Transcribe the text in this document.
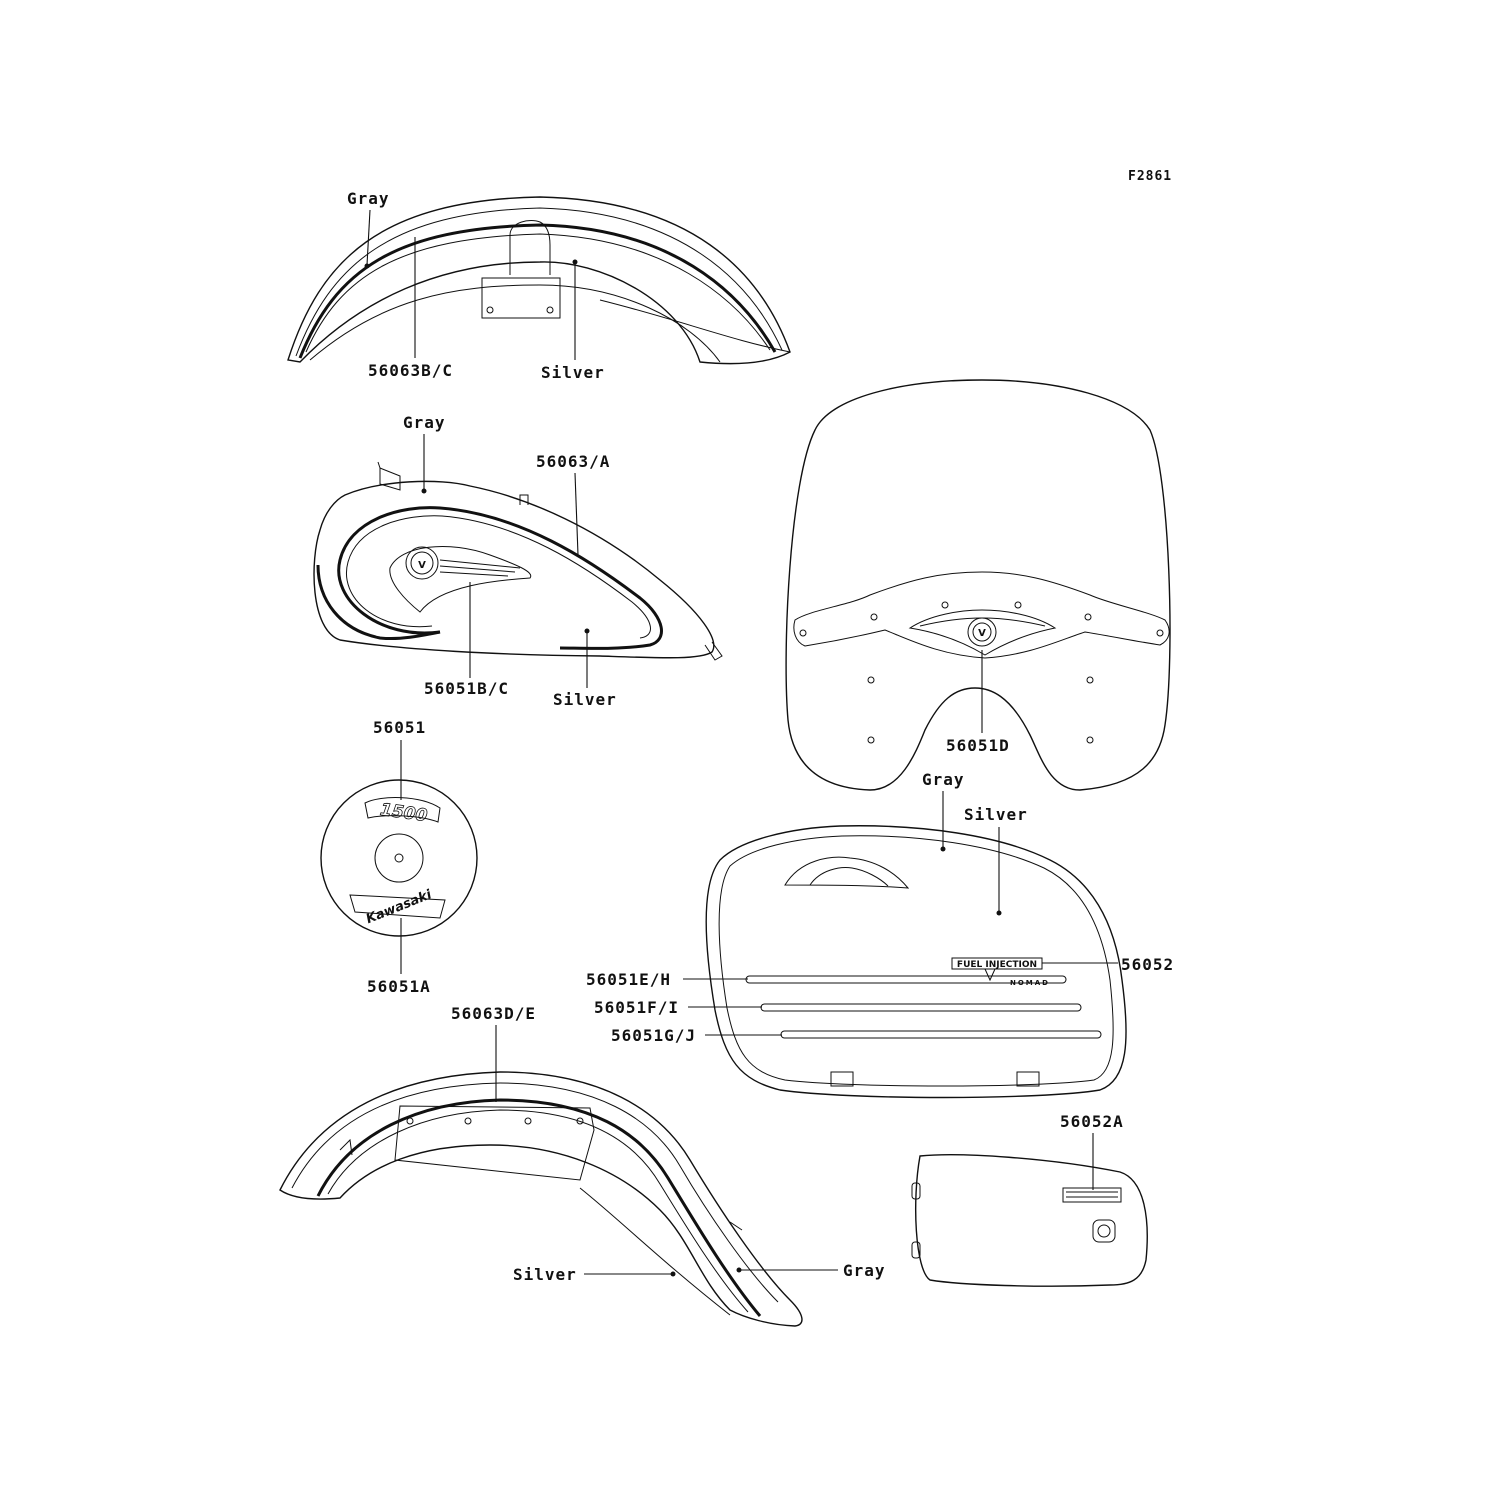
F2861
Gray
56063B/C	Silver
V
Gray
56063/A
56051B/C
Silver
V
56051D
1500
Kawasaki
56051
56051A
FUEL INJECTION
NOMAD
Gray
Silver
56052
56051E/H
56051F/I
56051G/J
56063D/E
Silver	Gray
56052A
